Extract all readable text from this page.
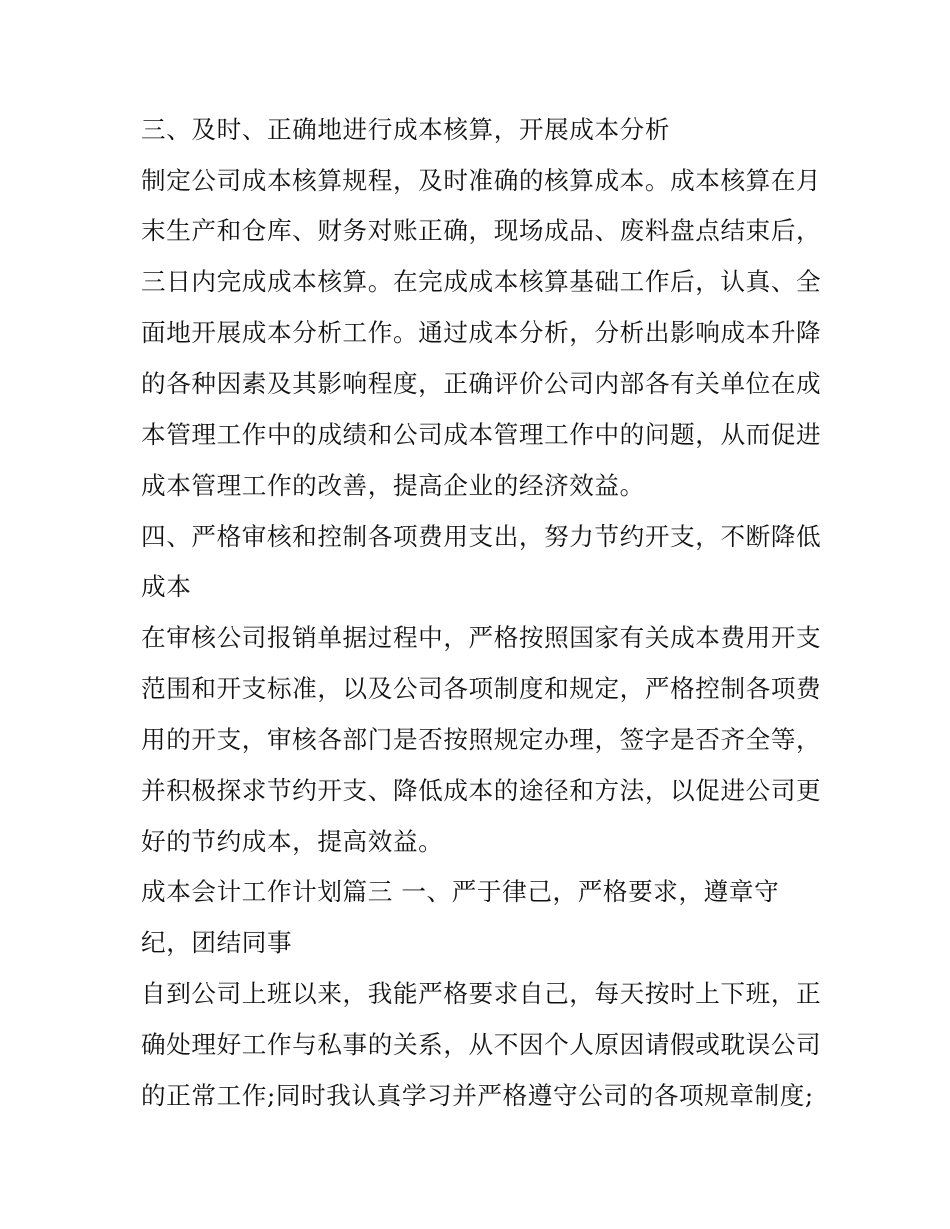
三、及时、正确地进行成本核算，开展成本分析
制定公司成本核算规程，及时准确的核算成本。成本核算在月
末生产和仓库、财务对账正确，现场成品、废料盘点结束后，
三日内完成成本核算。在完成成本核算基础工作后，认真、全
面地开展成本分析工作。通过成本分析，分析出影响成本升降
的各种因素及其影响程度，正确评价公司内部各有关单位在成
本管理工作中的成绩和公司成本管理工作中的问题，从而促进
成本管理工作的改善，提高企业的经济效益。
四、严格审核和控制各项费用支出，努力节约开支，不断降低
成本
在审核公司报销单据过程中，严格按照国家有关成本费用开支
范围和开支标准，以及公司各项制度和规定，严格控制各项费
用的开支，审核各部门是否按照规定办理，签字是否齐全等，
并积极探求节约开支、降低成本的途径和方法，以促进公司更
好的节约成本，提高效益。
成本会计工作计划篇三 一、严于律己，严格要求，遵章守
纪，团结同事
自到公司上班以来，我能严格要求自己，每天按时上下班，正
确处理好工作与私事的关系，从不因个人原因请假或耽误公司
的正常工作;同时我认真学习并严格遵守公司的各项规章制度;
